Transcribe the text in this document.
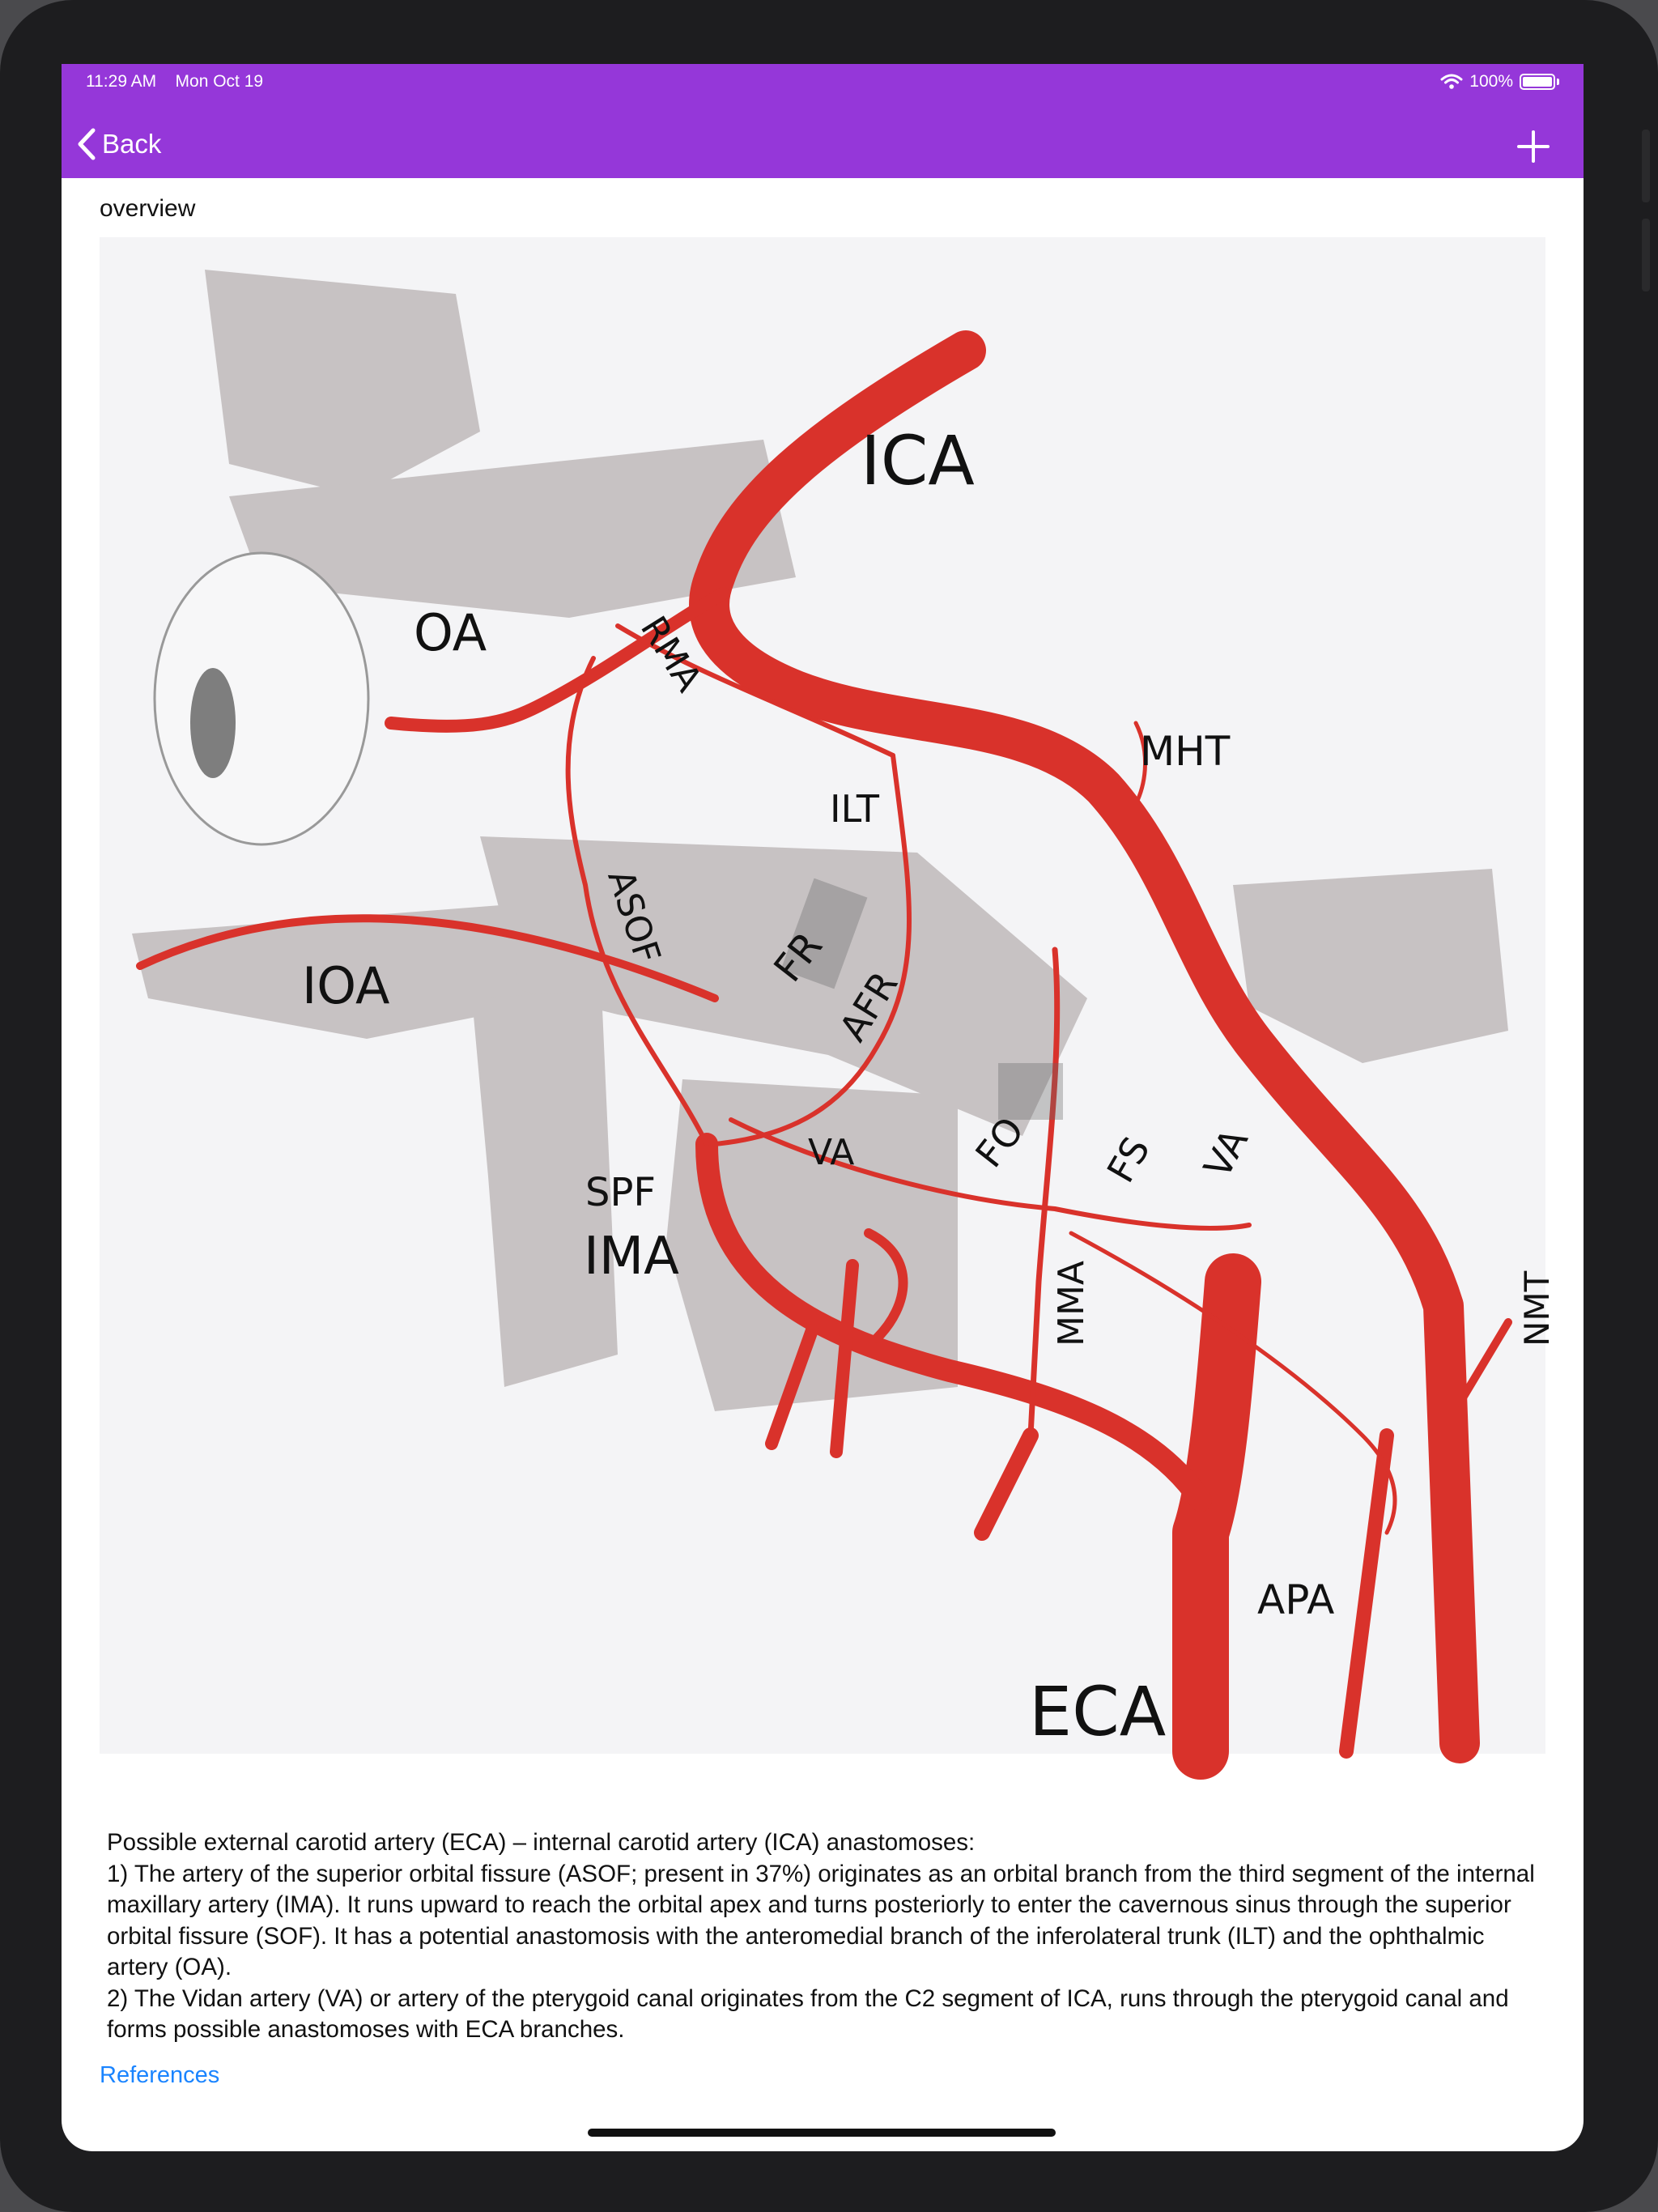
11:29 AM Mon Oct 19	100%
Back
overview
ICA
OA	RMA
ILT
MHT
ASOF
IOA	FR
AFR
FO FS VA
VA
SPF
IMA
MMA	NMT
APA
ECA

Possible external carotid artery (ECA) – internal carotid artery (ICA) anastomoses:

1) The artery of the superior orbital fissure (ASOF; present in 37%) originates as an orbital branch from the third segment of the internal maxillary artery (IMA). It runs upward to reach the orbital apex and turns posteriorly to enter the cavernous sinus through the superior orbital fissure (SOF). It has a potential anastomosis with the anteromedial branch of the inferolateral trunk (ILT) and the ophthalmic artery (OA).

2) The Vidan artery (VA) or artery of the pterygoid canal originates from the C2 segment of ICA, runs through the pterygoid canal and forms possible anastomoses with ECA branches.

References
